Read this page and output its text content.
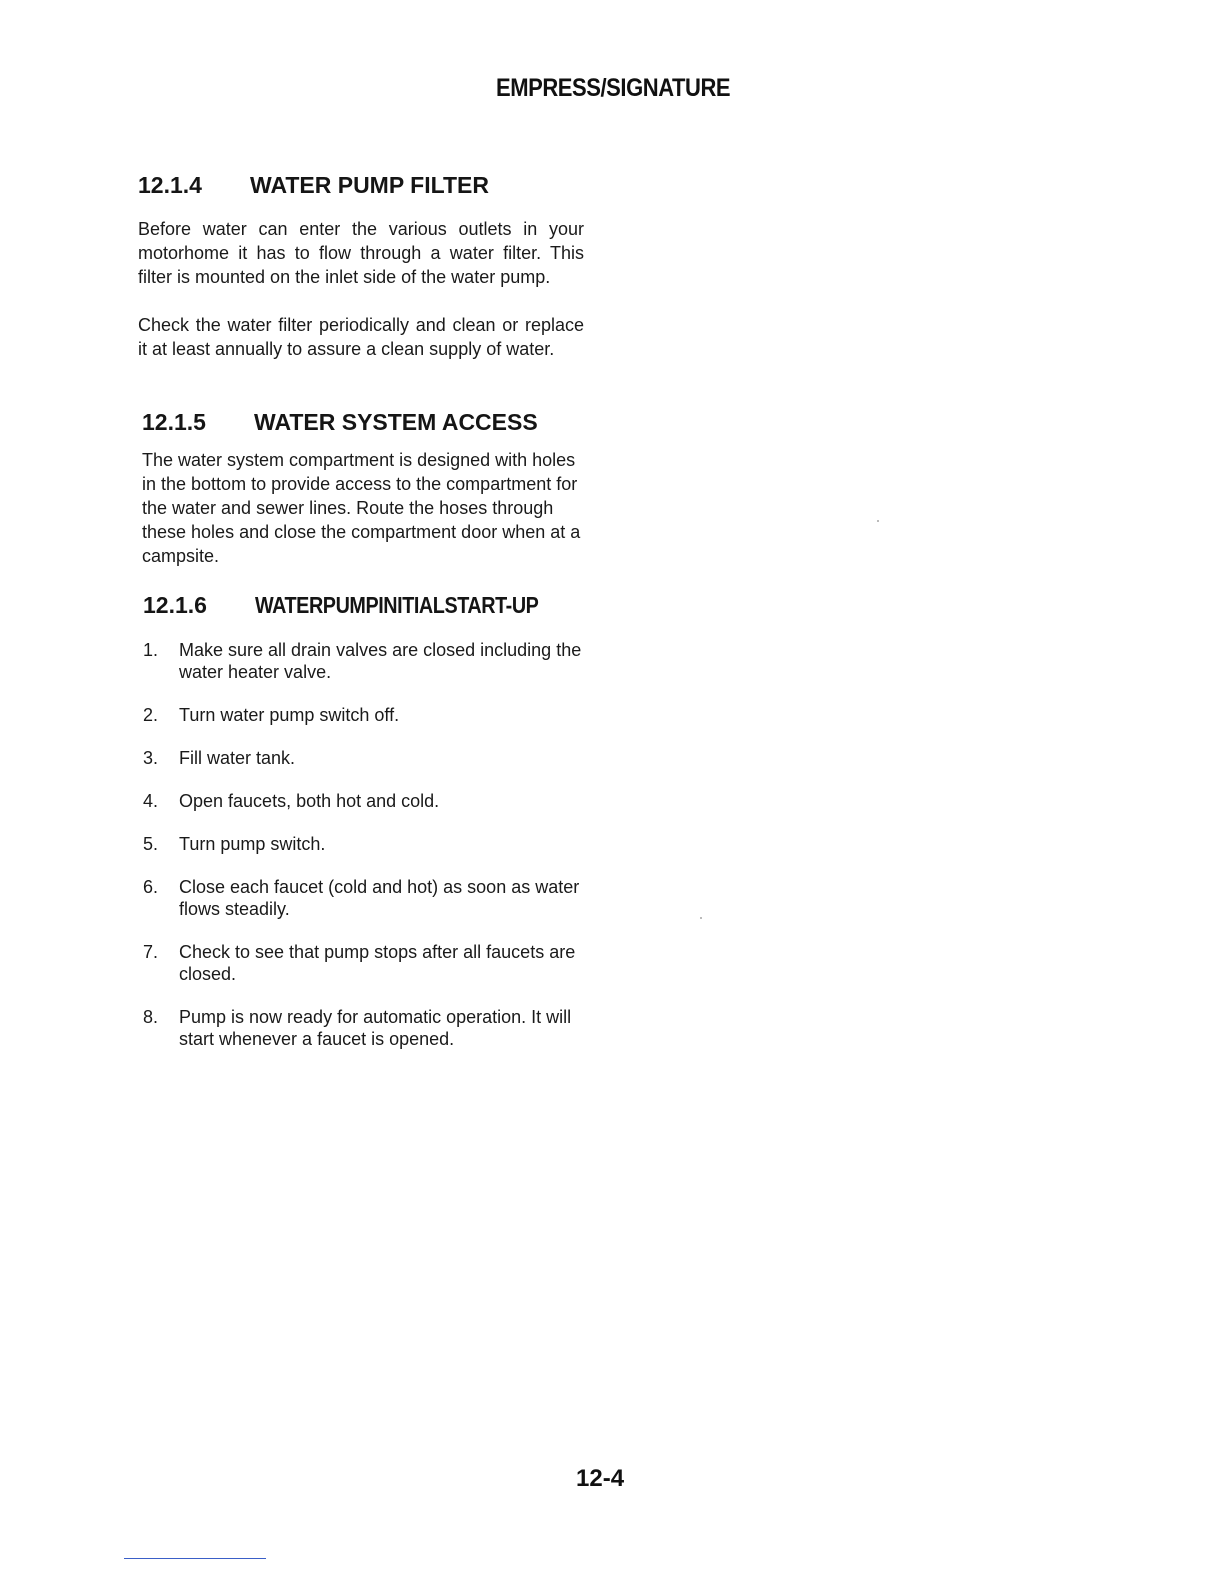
EMPRESS/SIGNATURE
12.1.4	WATER PUMP FILTER

Before water can enter the various outlets in your motorhome it has to flow through a water filter. This filter is mounted on the inlet side of the water pump.

Check the water filter periodically and clean or replace it at least annually to assure a clean supply of water.

12.1.5	WATER SYSTEM ACCESS

The water system compartment is designed with holes in the bottom to provide access to the compartment for the water and sewer lines. Route the hoses through these holes and close the compartment door when at a campsite.

12.1.6	WATERPUMPINITIALSTART-UP
1.	Make sure all drain valves are closed including the water heater valve.
2.	Turn water pump switch off.
3.	Fill water tank.
4.	Open faucets, both hot and cold.
5.	Turn pump switch.
6.	Close each faucet (cold and hot) as soon as water flows steadily.
7.	Check to see that pump stops after all faucets are closed.
8.	Pump is now ready for automatic operation. It will start whenever a faucet is opened.
12-4
